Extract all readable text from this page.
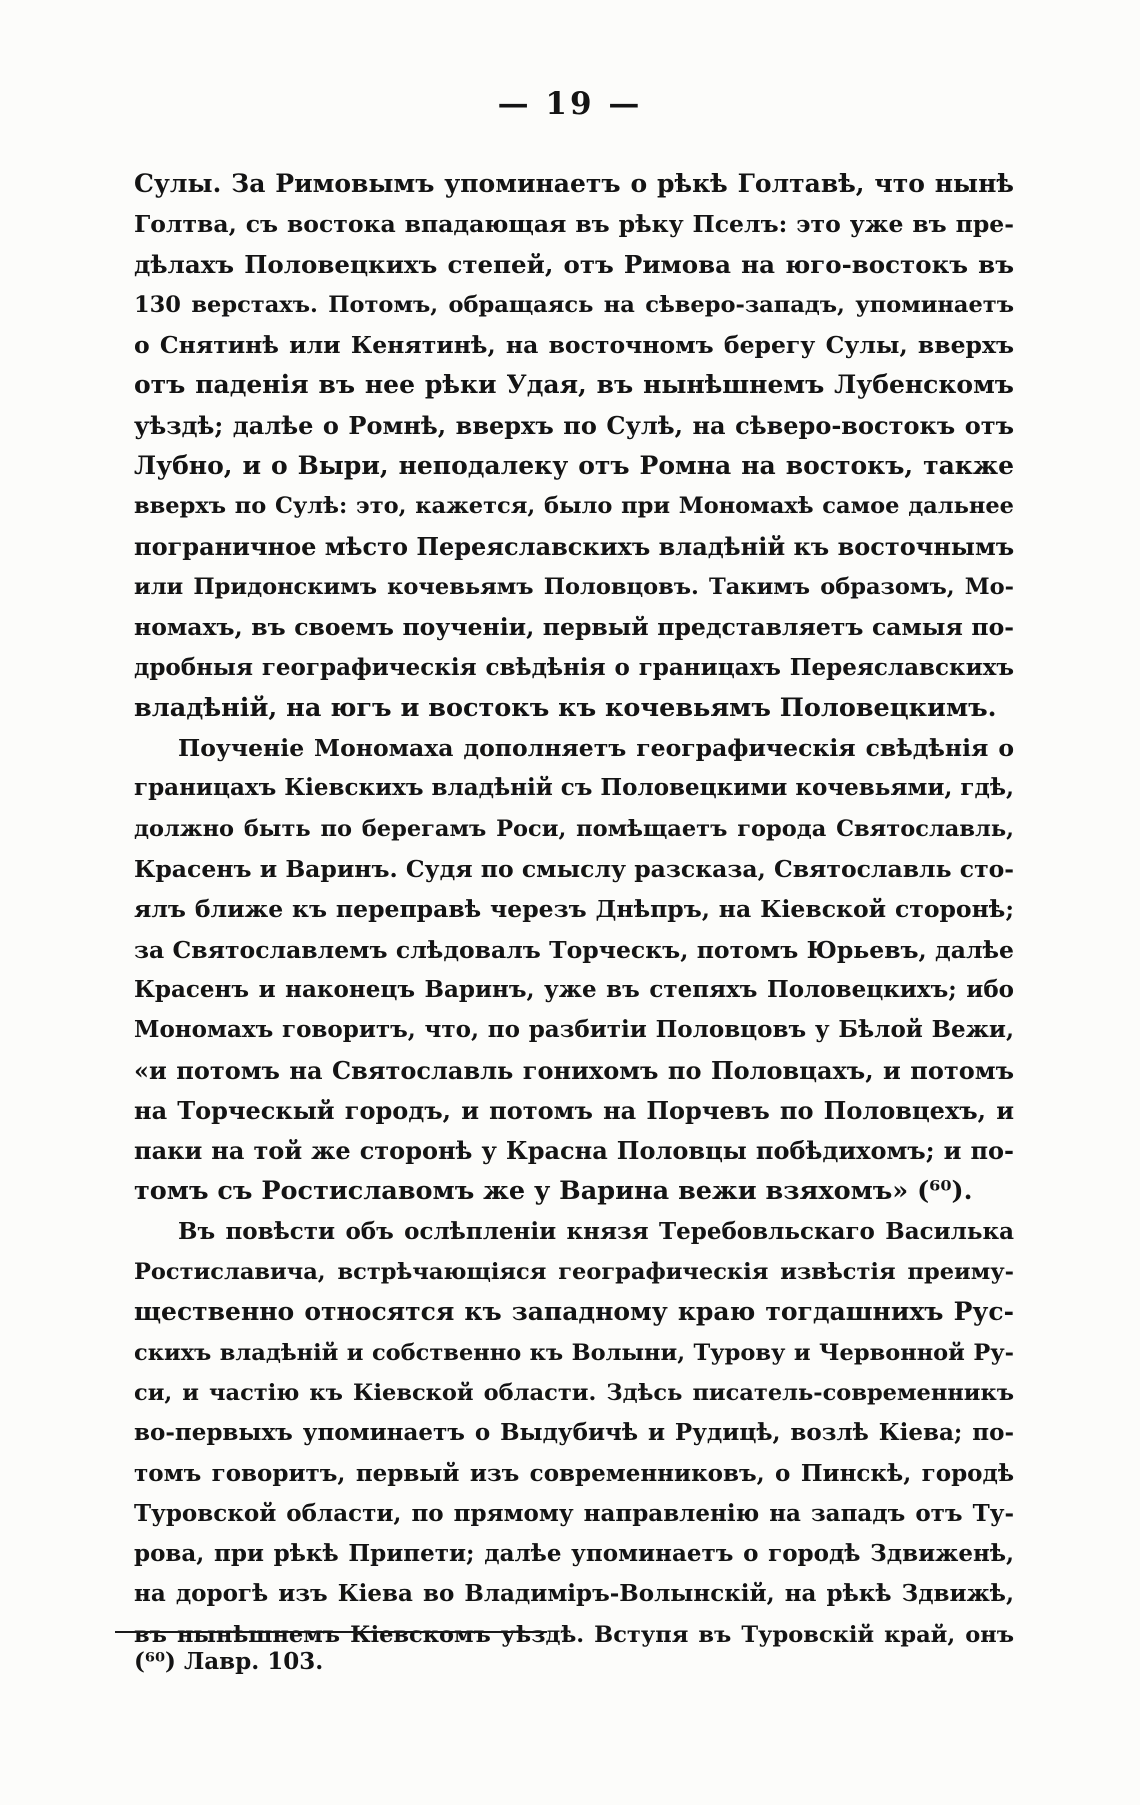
— 19 —
Сулы. За Римовымъ упоминаетъ о рѣкѣ Голтавѣ, что нынѣ
Голтва, съ востока впадающая въ рѣку Пселъ: это уже въ пре-
дѣлахъ Половецкихъ степей, отъ Римова на юго-востокъ въ
130 верстахъ. Потомъ, обращаясь на сѣверо-западъ, упоминаетъ
о Снятинѣ или Кенятинѣ, на восточномъ берегу Сулы, вверхъ
отъ паденія въ нее рѣки Удая, въ нынѣшнемъ Лубенскомъ
уѣздѣ; далѣе о Ромнѣ, вверхъ по Сулѣ, на сѣверо-востокъ отъ
Лубно, и о Выри, неподалеку отъ Ромна на востокъ, также
вверхъ по Сулѣ: это, кажется, было при Мономахѣ самое дальнее
пограничное мѣсто Переяславскихъ владѣній къ восточнымъ
или Придонскимъ кочевьямъ Половцовъ. Такимъ образомъ, Мо-
номахъ, въ своемъ поученіи, первый представляетъ самыя по-
дробныя географическія свѣдѣнія о границахъ Переяславскихъ
владѣній, на югъ и востокъ къ кочевьямъ Половецкимъ.
Поученіе Мономаха дополняетъ географическія свѣдѣнія о
границахъ Кіевскихъ владѣній съ Половецкими кочевьями, гдѣ,
должно быть по берегамъ Роси, помѣщаетъ города Святославль,
Красенъ и Варинъ. Судя по смыслу разсказа, Святославль сто-
ялъ ближе къ переправѣ черезъ Днѣпръ, на Кіевской сторонѣ;
за Святославлемъ слѣдовалъ Торческъ, потомъ Юрьевъ, далѣе
Красенъ и наконецъ Варинъ, уже въ степяхъ Половецкихъ; ибо
Мономахъ говоритъ, что, по разбитіи Половцовъ у Бѣлой Вежи,
«и потомъ на Святославль гонихомъ по Половцахъ, и потомъ
на Торческый городъ, и потомъ на Порчевъ по Половцехъ, и
паки на той же сторонѣ у Красна Половцы побѣдихомъ; и по-
томъ съ Ростиславомъ же у Варина вежи взяхомъ» (⁶⁰).
Въ повѣсти объ ослѣпленіи князя Теребовльскаго Василька
Ростиславича, встрѣчающіяся географическія извѣстія преиму-
щественно относятся къ западному краю тогдашнихъ Рус-
скихъ владѣній и собственно къ Волыни, Турову и Червонной Ру-
си, и частію къ Кіевской области. Здѣсь писатель-современникъ
во-первыхъ упоминаетъ о Выдубичѣ и Рудицѣ, возлѣ Кіева; по-
томъ говоритъ, первый изъ современниковъ, о Пинскѣ, городѣ
Туровской области, по прямому направленію на западъ отъ Ту-
рова, при рѣкѣ Припети; далѣе упоминаетъ о городѣ Здвиженѣ,
на дорогѣ изъ Кіева во Владиміръ-Волынскій, на рѣкѣ Здвижѣ,
въ нынѣшнемъ Кіевскомъ уѣздѣ. Вступя въ Туровскій край, онъ
(⁶⁰) Лавр. 103.
